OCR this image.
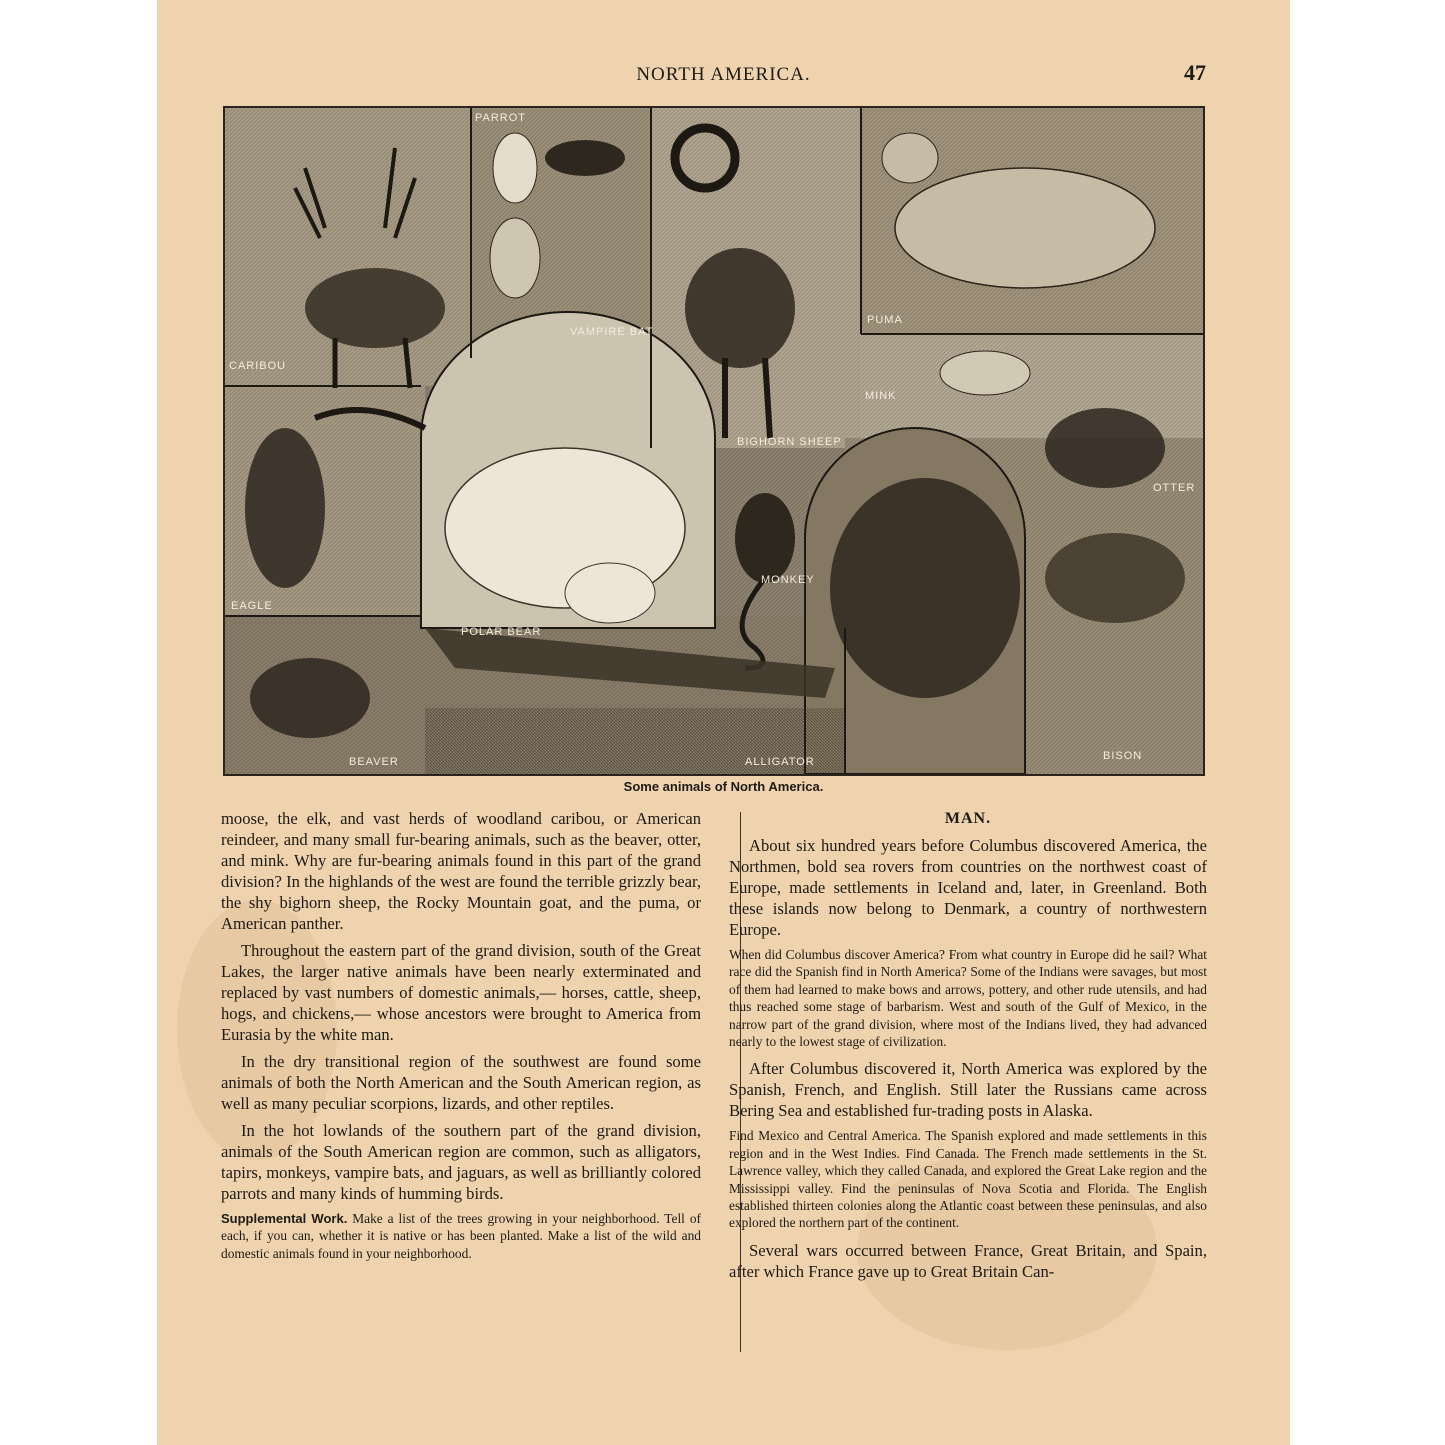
NORTH AMERICA.	47
PARROT
CARIBOU
VAMPIRE BAT
BIGHORN SHEEP
PUMA
MINK
OTTER
EAGLE
POLAR BEAR
MONKEY
BEAVER	ALLIGATOR	BISON
Some animals of North America.

moose, the elk, and vast herds of woodland caribou, or American reindeer, and many small fur-bearing animals, such as the beaver, otter, and mink. Why are fur-bearing animals found in this part of the grand division? In the highlands of the west are found the terrible grizzly bear, the shy bighorn sheep, the Rocky Mountain goat, and the puma, or American panther.

Throughout the eastern part of the grand division, south of the Great Lakes, the larger native animals have been nearly exterminated and replaced by vast numbers of domestic animals,— horses, cattle, sheep, hogs, and chickens,— whose ancestors were brought to America from Eurasia by the white man.

In the dry transitional region of the southwest are found some animals of both the North American and the South American region, as well as many peculiar scorpions, lizards, and other reptiles.

In the hot lowlands of the southern part of the grand division, animals of the South American region are common, such as alligators, tapirs, monkeys, vampire bats, and jaguars, as well as brilliantly colored parrots and many kinds of humming birds.

Supplemental Work. Make a list of the trees growing in your neighborhood. Tell of each, if you can, whether it is native or has been planted. Make a list of the wild and domestic animals found in your neighborhood.

MAN.

About six hundred years before Columbus discovered America, the Northmen, bold sea rovers from countries on the northwest coast of Europe, made settlements in Iceland and, later, in Greenland. Both these islands now belong to Denmark, a country of northwestern Europe.

When did Columbus discover America? From what country in Europe did he sail? What race did the Spanish find in North America? Some of the Indians were savages, but most of them had learned to make bows and arrows, pottery, and other rude utensils, and had thus reached some stage of barbarism. West and south of the Gulf of Mexico, in the narrow part of the grand division, where most of the Indians lived, they had advanced nearly to the lowest stage of civilization.

After Columbus discovered it, North America was explored by the Spanish, French, and English. Still later the Russians came across Bering Sea and established fur-trading posts in Alaska.

Find Mexico and Central America. The Spanish explored and made settlements in this region and in the West Indies. Find Canada. The French made settlements in the St. Lawrence valley, which they called Canada, and explored the Great Lake region and the Mississippi valley. Find the peninsulas of Nova Scotia and Florida. The English established thirteen colonies along the Atlantic coast between these peninsulas, and also explored the northern part of the continent.

Several wars occurred between France, Great Britain, and Spain, after which France gave up to Great Britain Can-
